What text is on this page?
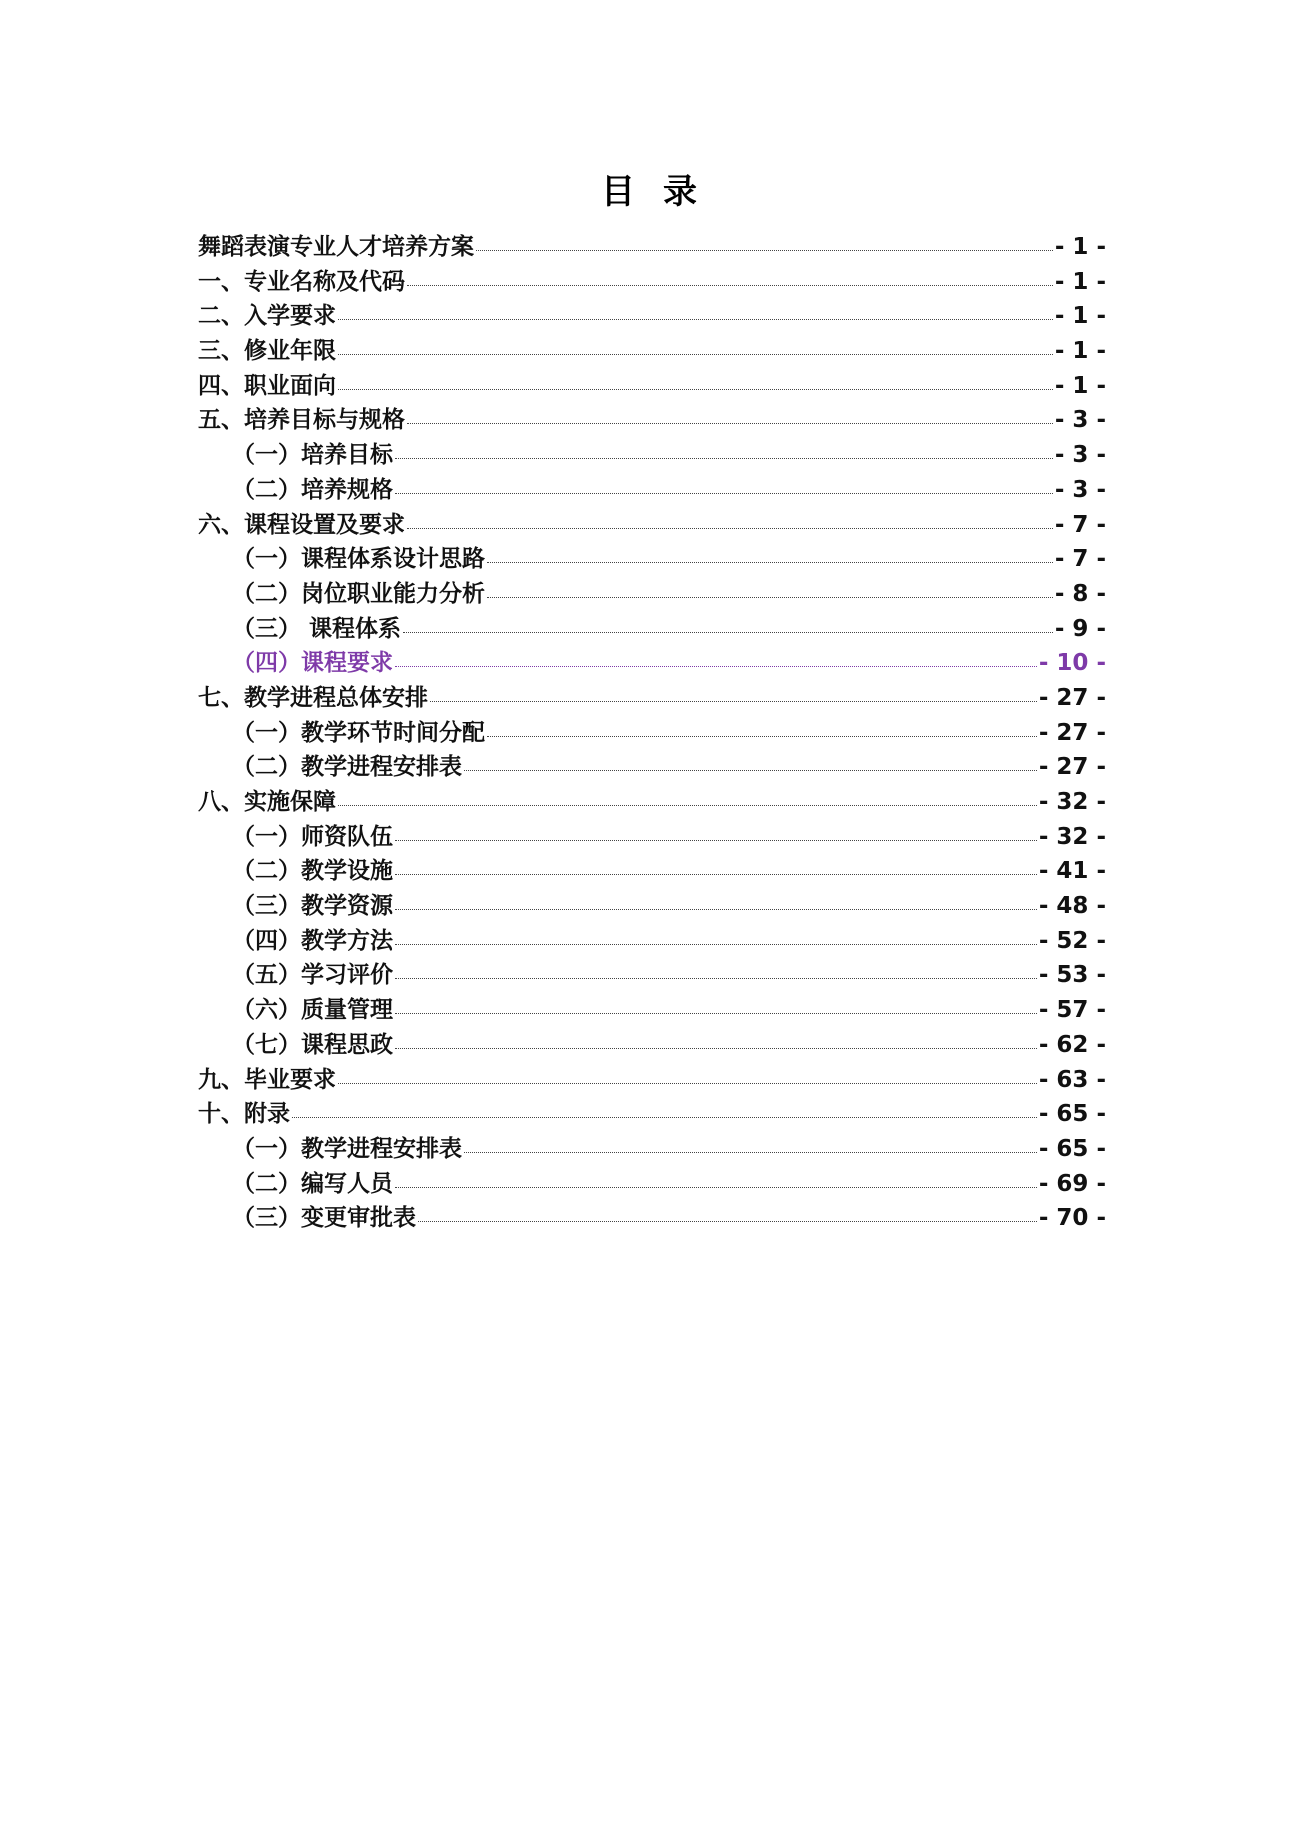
目录
舞蹈表演专业人才培养方案	- 1 -
一、专业名称及代码	- 1 -
二、入学要求	- 1 -
三、修业年限	- 1 -
四、职业面向	- 1 -
五、培养目标与规格	- 3 -
（一）培养目标	- 3 -
（二）培养规格	- 3 -
六、课程设置及要求	- 7 -
（一）课程体系设计思路	- 7 -
（二）岗位职业能力分析	- 8 -
（三） 课程体系	- 9 -
（四）课程要求	- 10 -
七、教学进程总体安排	- 27 -
（一）教学环节时间分配	- 27 -
（二）教学进程安排表	- 27 -
八、实施保障	- 32 -
（一）师资队伍	- 32 -
（二）教学设施	- 41 -
（三）教学资源	- 48 -
（四）教学方法	- 52 -
（五）学习评价	- 53 -
（六）质量管理	- 57 -
（七）课程思政	- 62 -
九、毕业要求	- 63 -
十、附录	- 65 -
（一）教学进程安排表	- 65 -
（二）编写人员	- 69 -
（三）变更审批表	- 70 -
